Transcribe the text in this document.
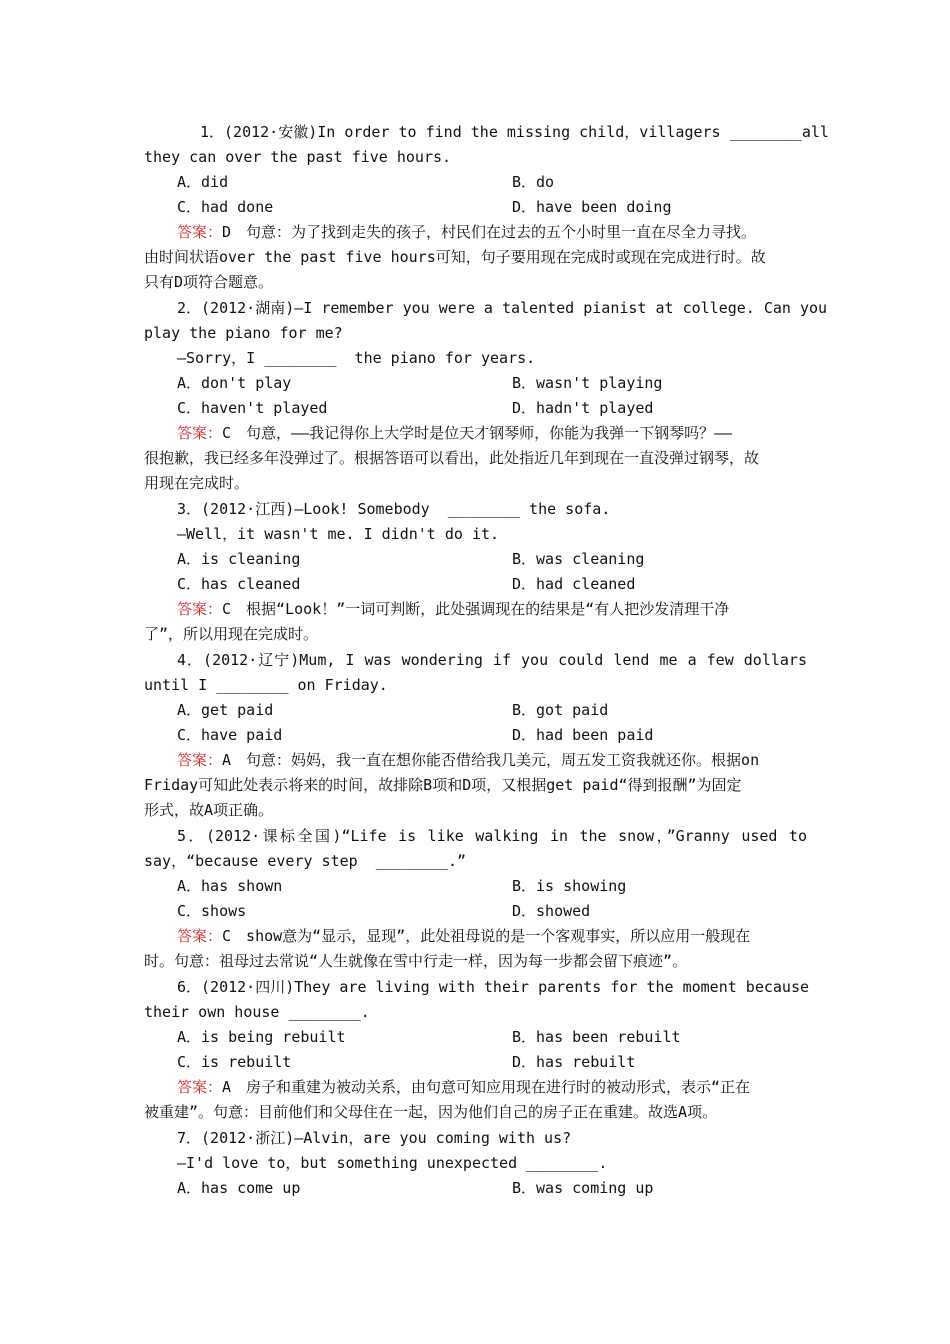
1．(2012·安徽)In order to find the missing child，villagers ________all
they can over the past five hours.
A．did	B．do
C．had done	D．have been doing
答案：D　句意：为了找到走失的孩子，村民们在过去的五个小时里一直在尽全力寻找。
由时间状语over the past five hours可知，句子要用现在完成时或现在完成进行时。故
只有D项符合题意。
2．(2012·湖南)—I remember you were a talented pianist at college. Can you
play the piano for me?
—Sorry，I ________  the piano for years.
A．don't play	B．wasn't playing
C．haven't played	D．hadn't played
答案：C　句意，——我记得你上大学时是位天才钢琴师，你能为我弹一下钢琴吗？——
很抱歉，我已经多年没弹过了。根据答语可以看出，此处指近几年到现在一直没弹过钢琴，故
用现在完成时。
3．(2012·江西)—Look! Somebody  ________ the sofa.
—Well，it wasn't me. I didn't do it.
A．is cleaning	B．was cleaning
C．has cleaned	D．had cleaned
答案：C　根据“Look！”一词可判断，此处强调现在的结果是“有人把沙发清理干净
了”，所以用现在完成时。
4．(2012·辽宁)Mum, I was wondering if you could lend me a few dollars
until I ________ on Friday.
A．get paid	B．got paid
C．have paid	D．had been paid
答案：A　句意：妈妈，我一直在想你能否借给我几美元，周五发工资我就还你。根据on
Friday可知此处表示将来的时间，故排除B项和D项，又根据get paid“得到报酬”为固定
形式，故A项正确。
5．(2012·课标全国)“Life is like walking in the snow，”Granny used to
say，“because every step  ________.”
A．has shown	B．is showing
C．shows	D．showed
答案：C　show意为“显示，显现”，此处祖母说的是一个客观事实，所以应用一般现在
时。句意：祖母过去常说“人生就像在雪中行走一样，因为每一步都会留下痕迹”。
6．(2012·四川)They are living with their parents for the moment because
their own house ________.
A．is being rebuilt	B．has been rebuilt
C．is rebuilt	D．has rebuilt
答案：A　房子和重建为被动关系，由句意可知应用现在进行时的被动形式，表示“正在
被重建”。句意：目前他们和父母住在一起，因为他们自己的房子正在重建。故选A项。
7．(2012·浙江)—Alvin，are you coming with us?
—I'd love to，but something unexpected ________.
A．has come up	B．was coming up
